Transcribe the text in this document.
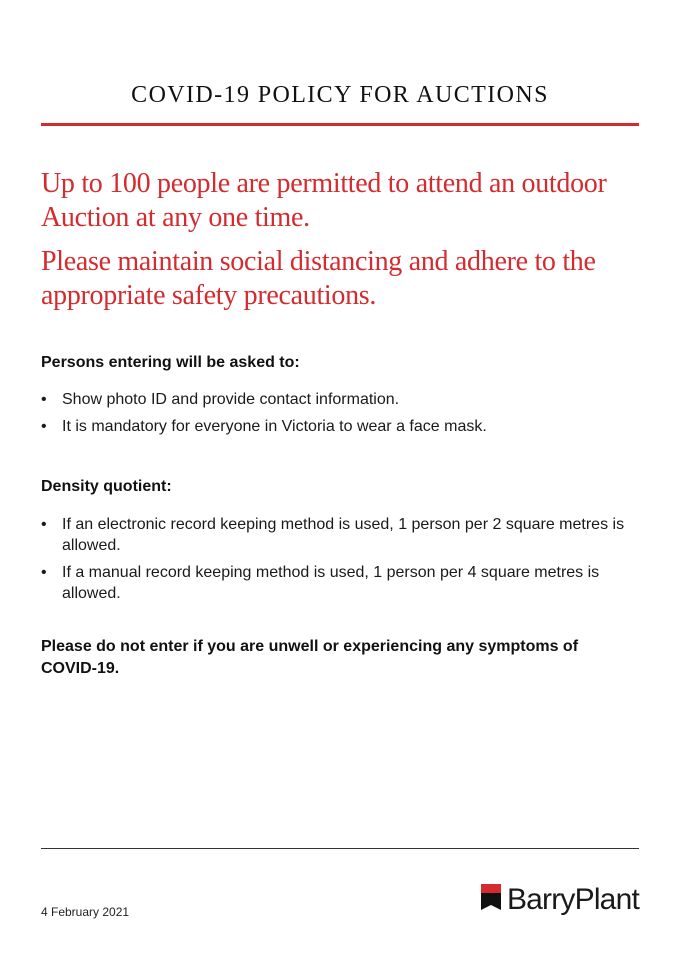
COVID-19 POLICY FOR AUCTIONS

Up to 100 people are permitted to attend an outdoor Auction at any one time.

Please maintain social distancing and adhere to the appropriate safety precautions.

Persons entering will be asked to:
• Show photo ID and provide contact information.
• It is mandatory for everyone in Victoria to wear a face mask.
Density quotient:
• If an electronic record keeping method is used, 1 person per 2 square metres is allowed.
• If a manual record keeping method is used, 1 person per 4 square metres is allowed.
Please do not enter if you are unwell or experiencing any symptoms of COVID-19.
4 February 2021	BarryPlant
